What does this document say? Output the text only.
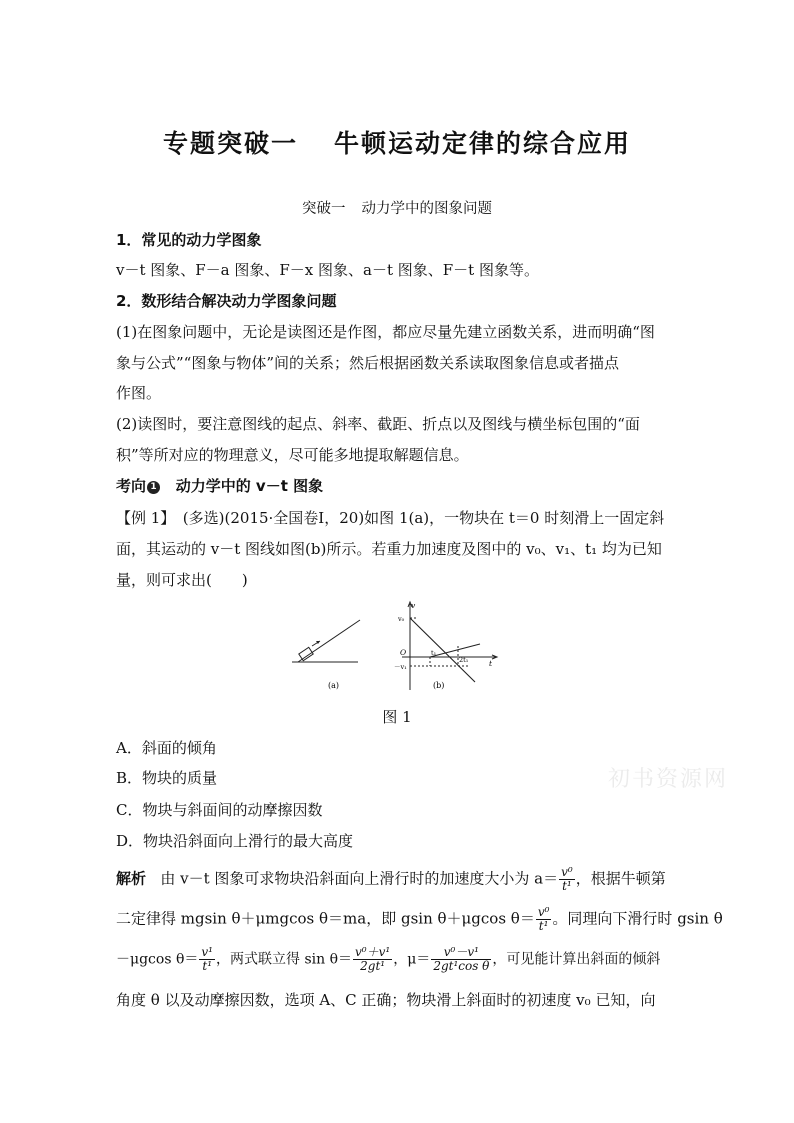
专题突破一 牛顿运动定律的综合应用
突破一 动力学中的图象问题
1．常见的动力学图象
v－t 图象、F－a 图象、F－x 图象、a－t 图象、F－t 图象等。
2．数形结合解决动力学图象问题
(1)在图象问题中，无论是读图还是作图，都应尽量先建立函数关系，进而明确“图
象与公式”“图象与物体”间的关系；然后根据函数关系读取图象信息或者描点
作图。
(2)读图时，要注意图线的起点、斜率、截距、折点以及图线与横坐标包围的“面
积”等所对应的物理意义，尽可能多地提取解题信息。
考向 1 动力学中的 v－t 图象
【例 1】　(多选)(2015·全国卷Ⅰ，20)如图 1(a)，一物块在 t＝0 时刻滑上一固定斜
面，其运动的 v－t 图线如图(b)所示。若重力加速度及图中的 v₀、v₁、t₁ 均为已知
量，则可求出(　　)
(a)
v
v₀
O
－v₁
t₁
2t₁	t
(b)
图 1
A．斜面的倾角
B．物块的质量
C．物块与斜面间的动摩擦因数
D．物块沿斜面向上滑行的最大高度
解析 由 v－t 图象可求物块沿斜面向上滑行时的加速度大小为 $a= \frac{\text{v⁰}}{\text{t¹}}$ ，根据牛顿第
二定律得 mgsin θ＋μmgcos θ＝ma，即 gsin θ＋μgcos $\theta= \frac{\text{v⁰}}{\text{t¹}}$ 。同理向下滑行时 gsin θ
－μgcos $\theta= \frac{\text{v¹}}{\text{t¹}}$ ，两式联立得 $\sin \theta= \frac{\text{v⁰＋v¹}}{\text{2gt¹}}$ ，$\mu= \frac{\text{v⁰－v¹}}{\text{2gt¹cos θ}}$ ，可见能计算出斜面的倾斜
角度 θ 以及动摩擦因数，选项 A、C 正确；物块滑上斜面时的初速度 v₀ 已知，向
初书资源网
